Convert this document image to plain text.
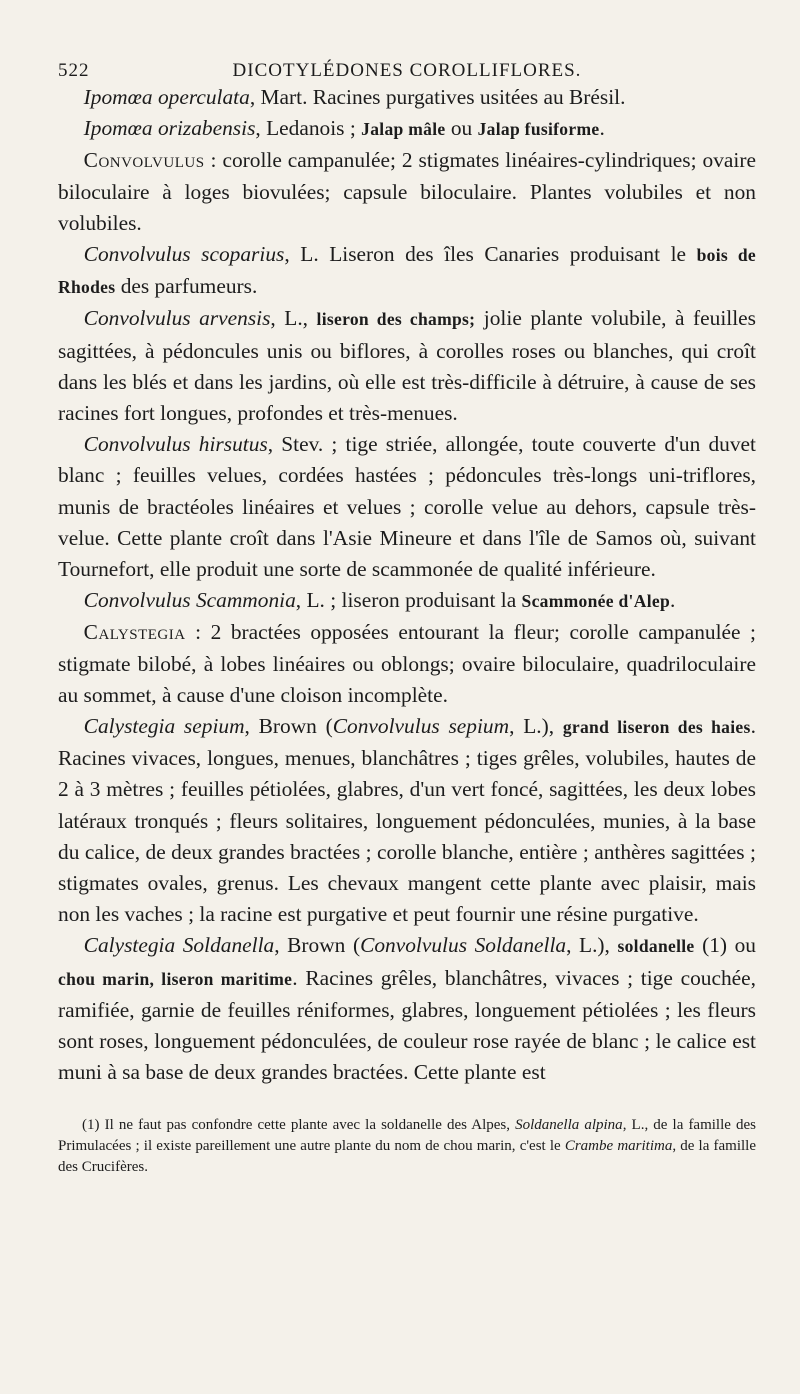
522	DICOTYLÉDONES COROLLIFLORES.

Ipomœa operculata, Mart. Racines purgatives usitées au Brésil.

Ipomœa orizabensis, Ledanois ; Jalap mâle ou Jalap fusiforme.

Convolvulus : corolle campanulée; 2 stigmates linéaires-cylindriques; ovaire biloculaire à loges biovulées; capsule biloculaire. Plantes volubiles et non volubiles.

Convolvulus scoparius, L. Liseron des îles Canaries produisant le bois de Rhodes des parfumeurs.

Convolvulus arvensis, L., liseron des champs; jolie plante volubile, à feuilles sagittées, à pédoncules unis ou biflores, à corolles roses ou blanches, qui croît dans les blés et dans les jardins, où elle est très-difficile à détruire, à cause de ses racines fort longues, profondes et très-menues.

Convolvulus hirsutus, Stev. ; tige striée, allongée, toute couverte d'un duvet blanc ; feuilles velues, cordées hastées ; pédoncules très-longs uni-triflores, munis de bractéoles linéaires et velues ; corolle velue au dehors, capsule très-velue. Cette plante croît dans l'Asie Mineure et dans l'île de Samos où, suivant Tournefort, elle produit une sorte de scammonée de qualité inférieure.

Convolvulus Scammonia, L. ; liseron produisant la Scammonée d'Alep.

Calystegia : 2 bractées opposées entourant la fleur; corolle campanulée ; stigmate bilobé, à lobes linéaires ou oblongs; ovaire biloculaire, quadriloculaire au sommet, à cause d'une cloison incomplète.

Calystegia sepium, Brown (Convolvulus sepium, L.), grand liseron des haies. Racines vivaces, longues, menues, blanchâtres ; tiges grêles, volubiles, hautes de 2 à 3 mètres ; feuilles pétiolées, glabres, d'un vert foncé, sagittées, les deux lobes latéraux tronqués ; fleurs solitaires, longuement pédonculées, munies, à la base du calice, de deux grandes bractées ; corolle blanche, entière ; anthères sagittées ; stigmates ovales, grenus. Les chevaux mangent cette plante avec plaisir, mais non les vaches ; la racine est purgative et peut fournir une résine purgative.

Calystegia Soldanella, Brown (Convolvulus Soldanella, L.), soldanelle (1) ou chou marin, liseron maritime. Racines grêles, blanchâtres, vivaces ; tige couchée, ramifiée, garnie de feuilles réniformes, glabres, longuement pétiolées ; les fleurs sont roses, longuement pédonculées, de couleur rose rayée de blanc ; le calice est muni à sa base de deux grandes bractées. Cette plante est

(1) Il ne faut pas confondre cette plante avec la soldanelle des Alpes, Soldanella alpina, L., de la famille des Primulacées ; il existe pareillement une autre plante du nom de chou marin, c'est le Crambe maritima, de la famille des Crucifères.
